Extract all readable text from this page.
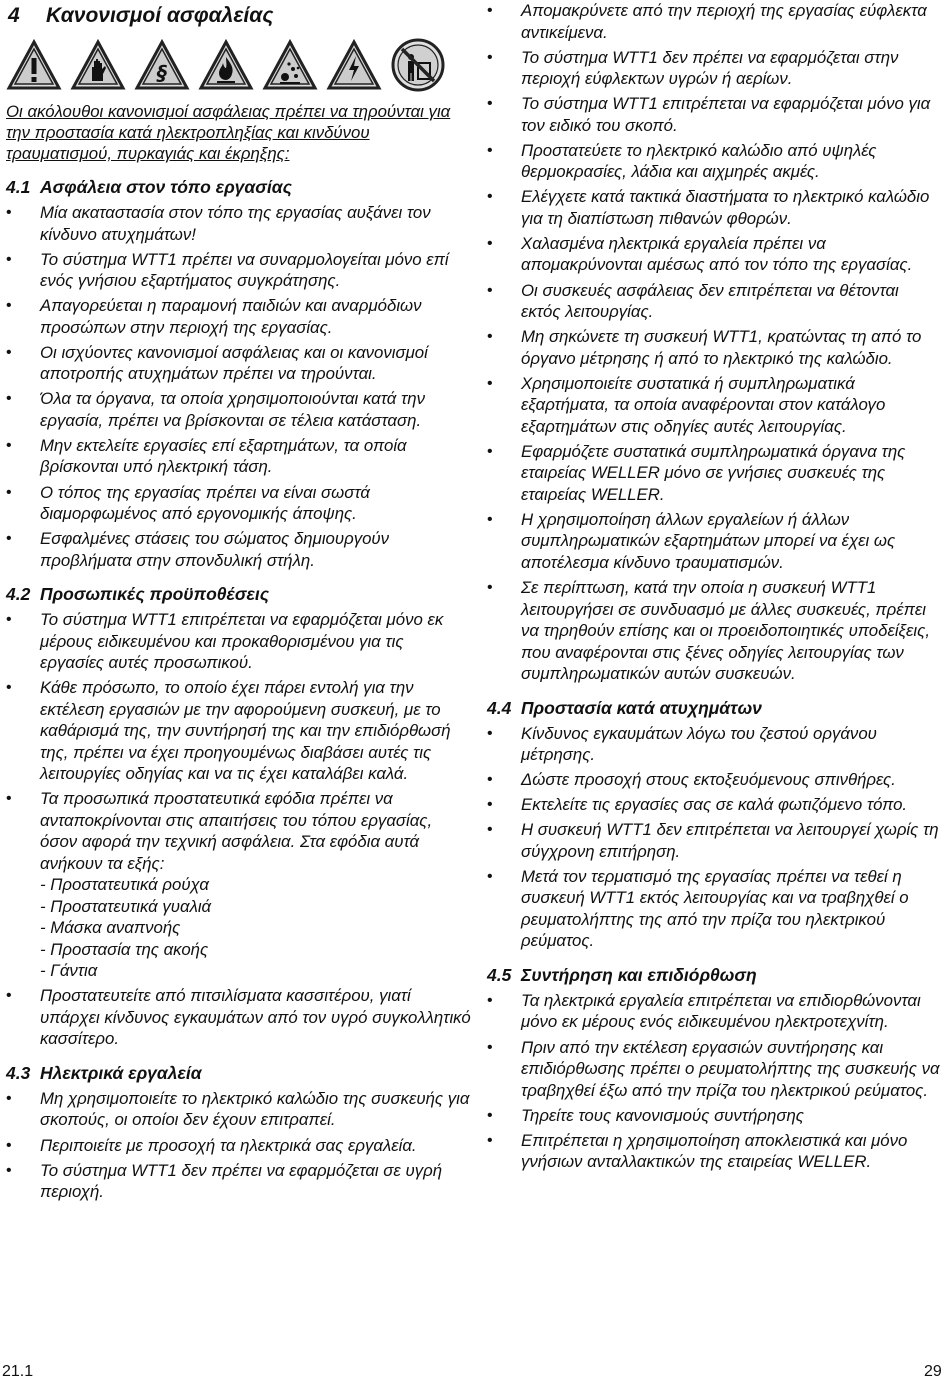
4 Κανονισμοί ασφαλείας
§
Οι ακόλουθοι κανονισμοί ασφάλειας πρέπει να τηρούνται για την προστασία κατά ηλεκτροπληξίας και κινδύνου τραυματισμού, πυρκαγιάς και έκρηξης:
4.1 Ασφάλεια στον τόπο εργασίας
• Μία ακαταστασία στον τόπο της εργασίας αυξάνει τον κίνδυνο ατυχημάτων!
• Το σύστημα WTT1 πρέπει να συναρμολογείται μόνο επί ενός γνήσιου εξαρτήματος συγκράτησης.
• Απαγορεύεται η παραμονή παιδιών και αναρμόδιων προσώπων στην περιοχή της εργασίας.
• Οι ισχύοντες κανονισμοί ασφάλειας και οι κανονισμοί αποτροπής ατυχημάτων πρέπει να τηρούνται.
• Όλα τα όργανα, τα οποία χρησιμοποιούνται κατά την εργασία, πρέπει να βρίσκονται σε τέλεια κατάσταση.
• Μην εκτελείτε εργασίες επί εξαρτημάτων, τα οποία βρίσκονται υπό ηλεκτρική τάση.
• Ο τόπος της εργασίας πρέπει να είναι σωστά διαμορφωμένος από εργονομικής άποψης.
• Εσφαλμένες στάσεις του σώματος δημιουργούν προβλήματα στην σπονδυλική στήλη.
4.2 Προσωπικές προϋποθέσεις
• Το σύστημα WTT1 επιτρέπεται να εφαρμόζεται μόνο εκ μέρους ειδικευμένου και προκαθορισμένου για τις εργασίες αυτές προσωπικού.
• Κάθε πρόσωπο, το οποίο έχει πάρει εντολή για την εκτέλεση εργασιών με την αφορούμενη συσκευή, με το καθάρισμά της, την συντήρησή της και την επιδιόρθωσή της, πρέπει να έχει προηγουμένως διαβάσει αυτές τις λειτουργίες οδηγίας και να τις έχει καταλάβει καλά.
• Τα προσωπικά προστατευτικά εφόδια πρέπει να ανταποκρίνονται στις απαιτήσεις του τόπου εργασίας, όσον αφορά την τεχνική ασφάλεια. Στα εφόδια αυτά ανήκουν τα εξής:
- Προστατευτικά ρούχα
- Προστατευτικά γυαλιά
- Μάσκα αναπνοής
- Προστασία της ακοής
- Γάντια
• Προστατευτείτε από πιτσιλίσματα κασσιτέρου, γιατί υπάρχει κίνδυνος εγκαυμάτων από τον υγρό συγκολλητικό κασσίτερο.
4.3 Ηλεκτρικά εργαλεία
• Μη χρησιμοποιείτε το ηλεκτρικό καλώδιο της συσκευής για σκοπούς, οι οποίοι δεν έχουν επιτραπεί.
• Περιποιείτε με προσοχή τα ηλεκτρικά σας εργαλεία.
• Το σύστημα WTT1 δεν πρέπει να εφαρμόζεται σε υγρή περιοχή.
• Απομακρύνετε από την περιοχή της εργασίας εύφλεκτα αντικείμενα.
• Το σύστημα WTT1 δεν πρέπει να εφαρμόζεται στην περιοχή εύφλεκτων υγρών ή αερίων.
• Το σύστημα WTT1 επιτρέπεται να εφαρμόζεται μόνο για τον ειδικό του σκοπό.
• Προστατεύετε το ηλεκτρικό καλώδιο από υψηλές θερμοκρασίες, λάδια και αιχμηρές ακμές.
• Ελέγχετε κατά τακτικά διαστήματα το ηλεκτρικό καλώδιο για τη διαπίστωση πιθανών φθορών.
• Χαλασμένα ηλεκτρικά εργαλεία πρέπει να απομακρύνονται αμέσως από τον τόπο της εργασίας.
• Οι συσκευές ασφάλειας δεν επιτρέπεται να θέτονται εκτός λειτουργίας.
• Μη σηκώνετε τη συσκευή WTT1, κρατώντας τη από το όργανο μέτρησης ή από το ηλεκτρικό της καλώδιο.
• Χρησιμοποιείτε συστατικά ή συμπληρωματικά εξαρτήματα, τα οποία αναφέρονται στον κατάλογο εξαρτημάτων στις οδηγίες αυτές λειτουργίας.
• Εφαρμόζετε συστατικά συμπληρωματικά όργανα της εταιρείας WELLER μόνο σε γνήσιες συσκευές της εταιρείας WELLER.
• Η χρησιμοποίηση άλλων εργαλείων ή άλλων συμπληρωματικών εξαρτημάτων μπορεί να έχει ως αποτέλεσμα κίνδυνο τραυματισμών.
• Σε περίπτωση, κατά την οποία η συσκευή WTT1 λειτουργήσει σε συνδυασμό με άλλες συσκευές, πρέπει να τηρηθούν επίσης και οι προειδοποιητικές υποδείξεις, που αναφέρονται στις ξένες οδηγίες λειτουργίας των συμπληρωματικών αυτών συσκευών.
4.4 Προστασία κατά ατυχημάτων
• Κίνδυνος εγκαυμάτων λόγω του ζεστού οργάνου μέτρησης.
• Δώστε προσοχή στους εκτοξευόμενους σπινθήρες.
• Εκτελείτε τις εργασίες σας σε καλά φωτιζόμενο τόπο.
• Η συσκευή WTT1 δεν επιτρέπεται να λειτουργεί χωρίς τη σύγχρονη επιτήρηση.
• Μετά τον τερματισμό της εργασίας πρέπει να τεθεί η συσκευή WTT1 εκτός λειτουργίας και να τραβηχθεί ο ρευματολήπτης της από την πρίζα του ηλεκτρικού ρεύματος.
4.5 Συντήρηση και επιδιόρθωση
• Τα ηλεκτρικά εργαλεία επιτρέπεται να επιδιορθώνονται μόνο εκ μέρους ενός ειδικευμένου ηλεκτροτεχνίτη.
• Πριν από την εκτέλεση εργασιών συντήρησης και επιδιόρθωσης πρέπει ο ρευματολήπτης της συσκευής να τραβηχθεί έξω από την πρίζα του ηλεκτρικού ρεύματος.
• Τηρείτε τους κανονισμούς συντήρησης
• Επιτρέπεται η χρησιμοποίηση αποκλειστικά και μόνο γνήσιων ανταλλακτικών της εταιρείας WELLER.
21.1	29
